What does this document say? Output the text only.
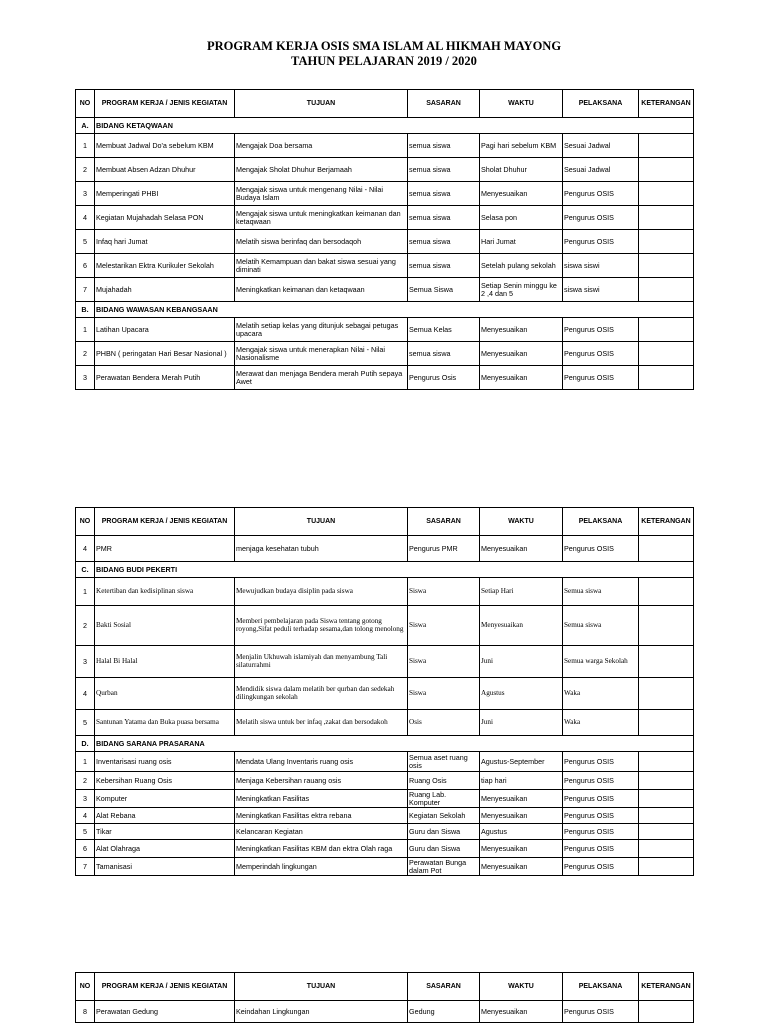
PROGRAM KERJA OSIS SMA ISLAM AL HIKMAH MAYONG
TAHUN PELAJARAN 2019 / 2020
NO	PROGRAM KERJA / JENIS KEGIATAN	TUJUAN	SASARAN	WAKTU	PELAKSANA	KETERANGAN
A.	BIDANG KETAQWAAN					
1	Membuat Jadwal Do'a sebelum KBM	Mengajak Doa bersama	semua siswa	Pagi hari sebelum KBM	Sesuai Jadwal	
2	Membuat Absen Adzan Dhuhur	Mengajak Sholat Dhuhur Berjamaah	semua siswa	Sholat Dhuhur	Sesuai Jadwal	
3	Memperingati PHBI	Mengajak siswa untuk mengenang Nilai - Nilai Budaya Islam	semua siswa	Menyesuaikan	Pengurus OSIS	
4	Kegiatan Mujahadah Selasa PON	Mengajak siswa untuk meningkatkan keimanan dan ketaqwaan	semua siswa	Selasa pon	Pengurus OSIS	
5	Infaq hari Jumat	Melatih siswa berinfaq dan bersodaqoh	semua siswa	Hari Jumat	Pengurus OSIS	
6	Melestarikan Ektra Kurikuler Sekolah	Melatih Kemampuan dan bakat siswa sesuai yang diminati	semua siswa	Setelah pulang sekolah	siswa siswi	
7	Mujahadah	Meningkatkan keimanan dan ketaqwaan	Semua Siswa	Setiap Senin minggu ke 2 ,4 dan 5	siswa siswi	
B.	BIDANG WAWASAN KEBANGSAAN					
1	Latihan Upacara	Melatih setiap kelas yang ditunjuk sebagai petugas upacara	Semua Kelas	Menyesuaikan	Pengurus OSIS	
2	PHBN ( peringatan Hari Besar Nasional )	Mengajak siswa untuk menerapkan Nilai - Nilai Nasionalisme	semua siswa	Menyesuaikan	Pengurus OSIS	
3	Perawatan Bendera Merah Putih	Merawat dan menjaga Bendera merah Putih sepaya Awet	Pengurus Osis	Menyesuaikan	Pengurus OSIS	
NO	PROGRAM KERJA / JENIS KEGIATAN	TUJUAN	SASARAN	WAKTU	PELAKSANA	KETERANGAN
4	PMR	menjaga kesehatan tubuh	Pengurus PMR	Menyesuaikan	Pengurus OSIS	
C.	BIDANG BUDI PEKERTI					
1	Ketertiban dan kedisiplinan siswa	Mewujudkan budaya disiplin pada siswa	Siswa	Setiap Hari	Semua siswa	
2	Bakti Sosial	Memberi pembelajaran pada Siswa tentang gotong royong,Sifat peduli terhadap sesama,dan tolong menolong	Siswa	Menyesuaikan	Semua siswa	
3	Halal Bi Halal	Menjalin Ukhuwah islamiyah dan menyambung Tali silaturrahmi	Siswa	Juni	Semua warga Sekolah	
4	Qurban	Mendidik siswa dalam melatih ber qurban dan sedekah dilingkungan sekolah	Siswa	Agustus	Waka	
5	Santunan Yatama dan Buka puasa bersama	Melatih siswa untuk ber infaq ,zakat dan bersodakoh	Osis	Juni	Waka	
D.	BIDANG SARANA PRASARANA					
1	Inventarisasi ruang osis	Mendata Ulang Inventaris ruang osis	Semua aset ruang osis	Agustus-September	Pengurus OSIS	
2	Kebersihan Ruang Osis	Menjaga Kebersihan rauang osis	Ruang Osis	tiap hari	Pengurus OSIS	
3	Komputer	Meningkatkan Fasilitas	Ruang Lab. Komputer	Menyesuaikan	Pengurus OSIS	
4	Alat Rebana	Meningkatkan Fasilitas ektra rebana	Kegiatan Sekolah	Menyesuaikan	Pengurus OSIS	
5	Tikar	Kelancaran Kegiatan	Guru dan Siswa	Agustus	Pengurus OSIS	
6	Alat Olahraga	Meningkatkan Fasilitas KBM dan ektra Olah raga	Guru dan Siswa	Menyesuaikan	Pengurus OSIS	
7	Tamanisasi	Memperindah lingkungan	Perawatan Bunga dalam Pot	Menyesuaikan	Pengurus OSIS	
NO	PROGRAM KERJA / JENIS KEGIATAN	TUJUAN	SASARAN	WAKTU	PELAKSANA	KETERANGAN
8	Perawatan Gedung	Keindahan Lingkungan	Gedung	Menyesuaikan	Pengurus OSIS	
